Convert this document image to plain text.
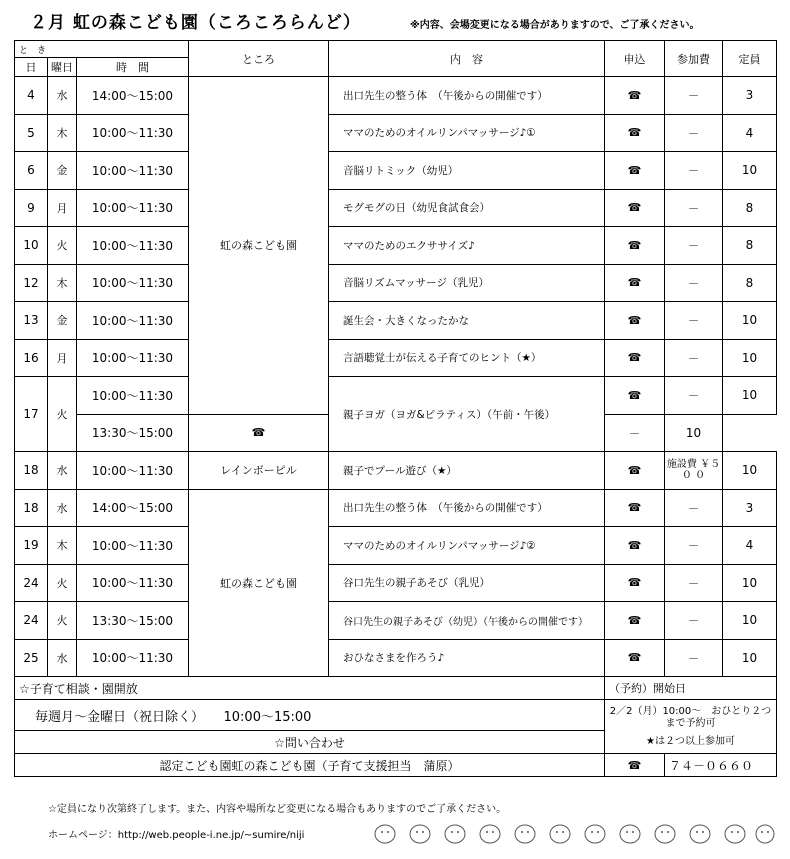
２月 虹の森こども園（ころころらんど）	※内容、会場変更になる場合がありますので、ご了承ください。
と　き			ところ	内　容	申込	参加費	定員
日	曜日	時　間					
4	水	14:00～15:00	虹の森こども園	出口先生の整う体　（午後からの開催です）	☎	－	3
5	木	10:00～11:30		ママのためのオイルリンパマッサージ♪①	☎	－	4
6	金	10:00～11:30		音脳リトミック（幼児）	☎	－	10
9	月	10:00～11:30		モグモグの日（幼児食試食会）	☎	－	8
10	火	10:00～11:30		ママのためのエクササイズ♪	☎	－	8
12	木	10:00～11:30		音脳リズムマッサージ（乳児）	☎	－	8
13	金	10:00～11:30		誕生会・大きくなったかな	☎	－	10
16	月	10:00～11:30		言語聴覚士が伝える子育てのヒント（★）	☎	－	10
17	火	10:00～11:30		親子ヨガ（ヨガ&ピラティス）（午前・午後）	☎	－	10
		13:30～15:00	☎		－	10	
18	水	10:00～11:30	レインボーピル	親子でプール遊び（★）	☎	施設費 ￥５０ ０	10
18	水	14:00～15:00	虹の森こども園	出口先生の整う体　（午後からの開催です）	☎	－	3
19	木	10:00～11:30		ママのためのオイルリンパマッサージ♪②	☎	－	4
24	火	10:00～11:30		谷口先生の親子あそび（乳児）	☎	－	10
24	火	13:30～15:00		谷口先生の親子あそび（幼児）（午後からの開催です）	☎	－	10
25	水	10:00～11:30		おひなさまを作ろう♪	☎	－	10
☆子育て相談・園開放					（予約）開始日		
毎週月～金曜日（祝日除く）　　10:00～15:00					2／2（月）10:00～　おひとり２つまで予約可
★は２つ以上参加可		

☆問い合わせ							
認定こども園虹の森こども園（子育て支援担当　蒲原）					☎	７４－０６６０	
☆定員になり次第終了します。また、内容や場所など変更になる場合もありますのでご了承ください。
ホームページ：http://web.people-i.ne.jp/~sumire/niji
